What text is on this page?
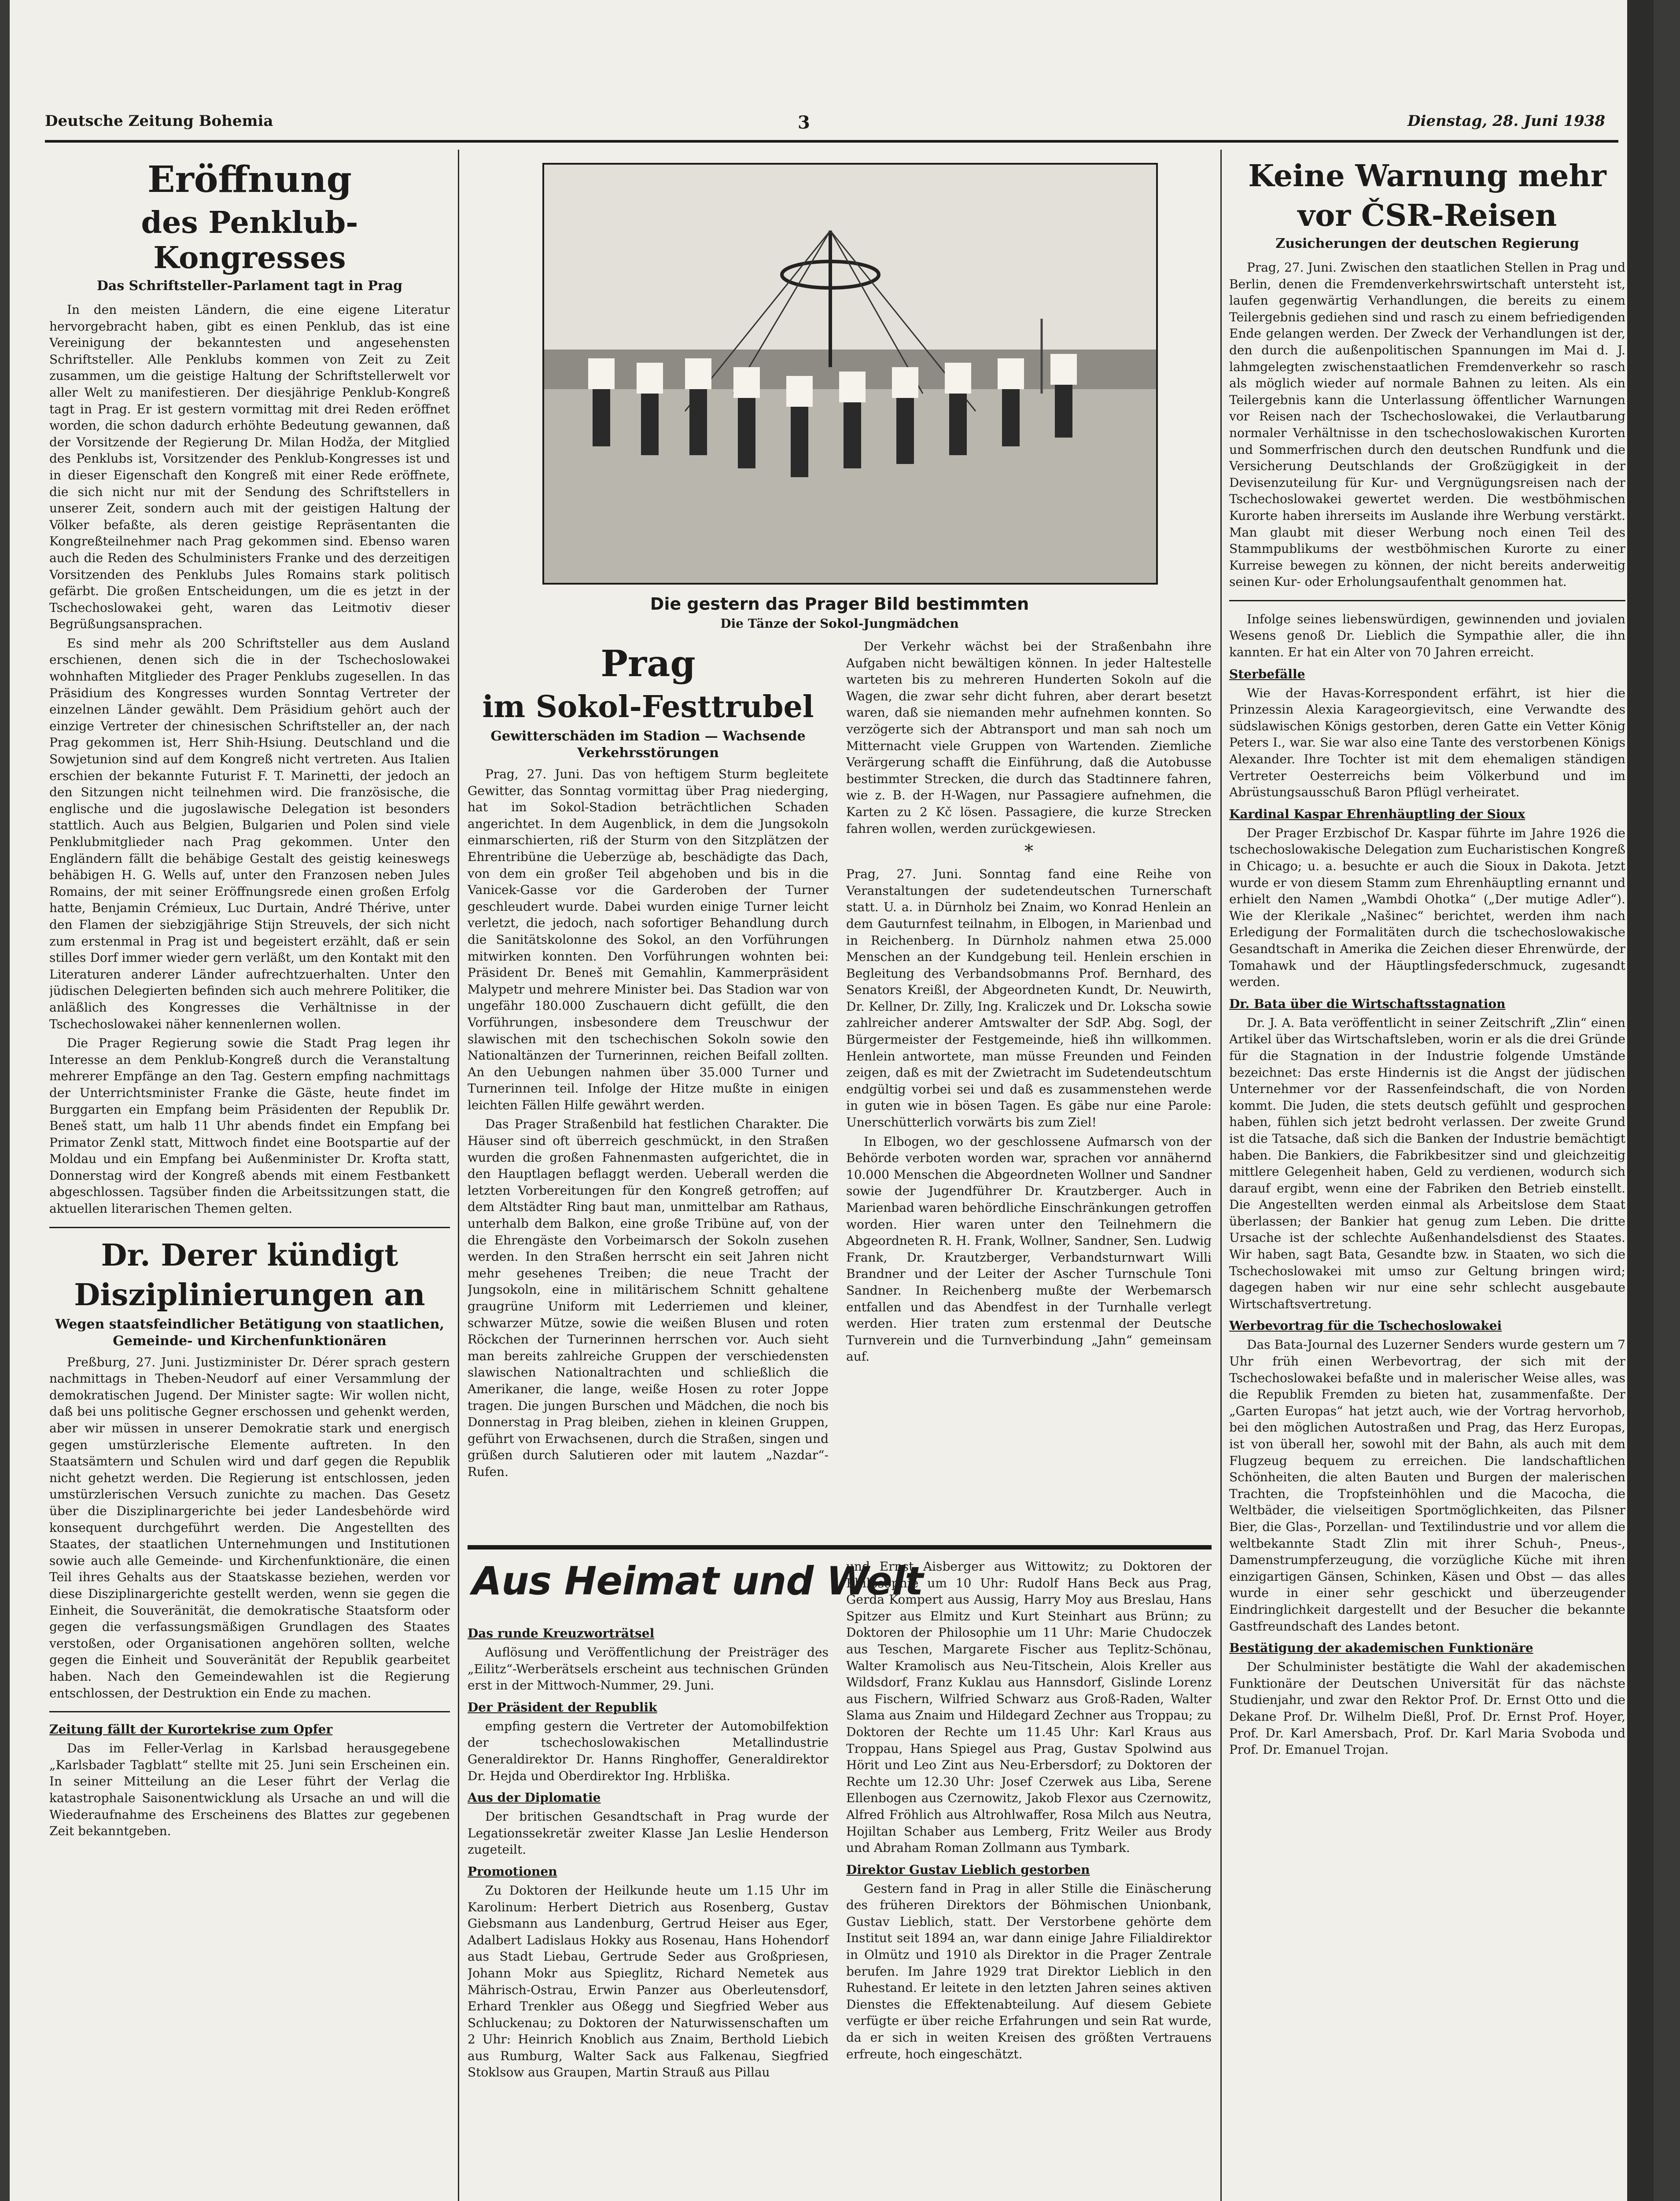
Deutsche Zeitung Bohemia	3	Dienstag, 28. Juni 1938
Eröffnung
des Penklub-Kongresses
Das Schriftsteller-Parlament tagt in Prag
In den meisten Ländern, die eine eigene Literatur hervorgebracht haben, gibt es einen Penklub, das ist eine Vereinigung der bekanntesten und angesehensten Schriftsteller. Alle Penklubs kommen von Zeit zu Zeit zusammen, um die geistige Haltung der Schriftstellerwelt vor aller Welt zu manifestieren. Der diesjährige Penklub-Kongreß tagt in Prag. Er ist gestern vormittag mit drei Reden eröffnet worden, die schon dadurch erhöhte Bedeutung gewannen, daß der Vorsitzende der Regierung Dr. Milan Hodža, der Mitglied des Penklubs ist, Vorsitzender des Penklub-Kongresses ist und in dieser Eigenschaft den Kongreß mit einer Rede eröffnete, die sich nicht nur mit der Sendung des Schriftstellers in unserer Zeit, sondern auch mit der geistigen Haltung der Völker befaßte, als deren geistige Repräsentanten die Kongreßteilnehmer nach Prag gekommen sind. Ebenso waren auch die Reden des Schulministers Franke und des derzeitigen Vorsitzenden des Penklubs Jules Romains stark politisch gefärbt. Die großen Entscheidungen, um die es jetzt in der Tschechoslowakei geht, waren das Leitmotiv dieser Begrüßungsansprachen.
Es sind mehr als 200 Schriftsteller aus dem Ausland erschienen, denen sich die in der Tschechoslowakei wohnhaften Mitglieder des Prager Penklubs zugesellen. In das Präsidium des Kongresses wurden Sonntag Vertreter der einzelnen Länder gewählt. Dem Präsidium gehört auch der einzige Vertreter der chinesischen Schriftsteller an, der nach Prag gekommen ist, Herr Shih-Hsiung. Deutschland und die Sowjetunion sind auf dem Kongreß nicht vertreten. Aus Italien erschien der bekannte Futurist F. T. Marinetti, der jedoch an den Sitzungen nicht teilnehmen wird. Die französische, die englische und die jugoslawische Delegation ist besonders stattlich. Auch aus Belgien, Bulgarien und Polen sind viele Penklubmitglieder nach Prag gekommen. Unter den Engländern fällt die behäbige Gestalt des geistig keineswegs behäbigen H. G. Wells auf, unter den Franzosen neben Jules Romains, der mit seiner Eröffnungsrede einen großen Erfolg hatte, Benjamin Crémieux, Luc Durtain, André Thérive, unter den Flamen der siebzigjährige Stijn Streuvels, der sich nicht zum erstenmal in Prag ist und begeistert erzählt, daß er sein stilles Dorf immer wieder gern verläßt, um den Kontakt mit den Literaturen anderer Länder aufrechtzuerhalten. Unter den jüdischen Delegierten befinden sich auch mehrere Politiker, die anläßlich des Kongresses die Verhältnisse in der Tschechoslowakei näher kennenlernen wollen.
Die Prager Regierung sowie die Stadt Prag legen ihr Interesse an dem Penklub-Kongreß durch die Veranstaltung mehrerer Empfänge an den Tag. Gestern empfing nachmittags der Unterrichtsminister Franke die Gäste, heute findet im Burggarten ein Empfang beim Präsidenten der Republik Dr. Beneš statt, um halb 11 Uhr abends findet ein Empfang bei Primator Zenkl statt, Mittwoch findet eine Bootspartie auf der Moldau und ein Empfang bei Außenminister Dr. Krofta statt, Donnerstag wird der Kongreß abends mit einem Festbankett abgeschlossen. Tagsüber finden die Arbeitssitzungen statt, die aktuellen literarischen Themen gelten.
Dr. Derer kündigt
Disziplinierungen an
Wegen staatsfeindlicher Betätigung von staatlichen, Gemeinde- und Kirchenfunktionären
Preßburg, 27. Juni. Justizminister Dr. Dérer sprach gestern nachmittags in Theben-Neudorf auf einer Versammlung der demokratischen Jugend. Der Minister sagte: Wir wollen nicht, daß bei uns politische Gegner erschossen und gehenkt werden, aber wir müssen in unserer Demokratie stark und energisch gegen umstürzlerische Elemente auftreten. In den Staatsämtern und Schulen wird und darf gegen die Republik nicht gehetzt werden. Die Regierung ist entschlossen, jeden umstürzlerischen Versuch zunichte zu machen. Das Gesetz über die Disziplinargerichte bei jeder Landesbehörde wird konsequent durchgeführt werden. Die Angestellten des Staates, der staatlichen Unternehmungen und Institutionen sowie auch alle Gemeinde- und Kirchenfunktionäre, die einen Teil ihres Gehalts aus der Staatskasse beziehen, werden vor diese Disziplinargerichte gestellt werden, wenn sie gegen die Einheit, die Souveränität, die demokratische Staatsform oder gegen die verfassungsmäßigen Grundlagen des Staates verstoßen, oder Organisationen angehören sollten, welche gegen die Einheit und Souveränität der Republik gearbeitet haben. Nach den Gemeindewahlen ist die Regierung entschlossen, der Destruktion ein Ende zu machen.
Zeitung fällt der Kurortekrise zum Opfer
Das im Feller-Verlag in Karlsbad herausgegebene „Karlsbader Tagblatt“ stellte mit 25. Juni sein Erscheinen ein. In seiner Mitteilung an die Leser führt der Verlag die katastrophale Saisonentwicklung als Ursache an und will die Wiederaufnahme des Erscheinens des Blattes zur gegebenen Zeit bekanntgeben.
Die gestern das Prager Bild bestimmten
Die Tänze der Sokol-Jungmädchen
Prag
im Sokol-Festtrubel
Gewitterschäden im Stadion — Wachsende Verkehrsstörungen
Prag, 27. Juni. Das von heftigem Sturm begleitete Gewitter, das Sonntag vormittag über Prag niederging, hat im Sokol-Stadion beträchtlichen Schaden angerichtet. In dem Augenblick, in dem die Jungsokoln einmarschierten, riß der Sturm von den Sitzplätzen der Ehrentribüne die Ueberzüge ab, beschädigte das Dach, von dem ein großer Teil abgehoben und bis in die Vanicek-Gasse vor die Garderoben der Turner geschleudert wurde. Dabei wurden einige Turner leicht verletzt, die jedoch, nach sofortiger Behandlung durch die Sanitätskolonne des Sokol, an den Vorführungen mitwirken konnten. Den Vorführungen wohnten bei: Präsident Dr. Beneš mit Gemahlin, Kammerpräsident Malypetr und mehrere Minister bei. Das Stadion war von ungefähr 180.000 Zuschauern dicht gefüllt, die den Vorführungen, insbesondere dem Treuschwur der slawischen mit den tschechischen Sokoln sowie den Nationaltänzen der Turnerinnen, reichen Beifall zollten. An den Uebungen nahmen über 35.000 Turner und Turnerinnen teil. Infolge der Hitze mußte in einigen leichten Fällen Hilfe gewährt werden.
Das Prager Straßenbild hat festlichen Charakter. Die Häuser sind oft überreich geschmückt, in den Straßen wurden die großen Fahnenmasten aufgerichtet, die in den Hauptlagen beflaggt werden. Ueberall werden die letzten Vorbereitungen für den Kongreß getroffen; auf dem Altstädter Ring baut man, unmittelbar am Rathaus, unterhalb dem Balkon, eine große Tribüne auf, von der die Ehrengäste den Vorbeimarsch der Sokoln zusehen werden. In den Straßen herrscht ein seit Jahren nicht mehr gesehenes Treiben; die neue Tracht der Jungsokoln, eine in militärischem Schnitt gehaltene graugrüne Uniform mit Lederriemen und kleiner, schwarzer Mütze, sowie die weißen Blusen und roten Röckchen der Turnerinnen herrschen vor. Auch sieht man bereits zahlreiche Gruppen der verschiedensten slawischen Nationaltrachten und schließlich die Amerikaner, die lange, weiße Hosen zu roter Joppe tragen. Die jungen Burschen und Mädchen, die noch bis Donnerstag in Prag bleiben, ziehen in kleinen Gruppen, geführt von Erwachsenen, durch die Straßen, singen und grüßen durch Salutieren oder mit lautem „Nazdar“-Rufen.
Der Verkehr wächst bei der Straßenbahn ihre Aufgaben nicht bewältigen können. In jeder Haltestelle warteten bis zu mehreren Hunderten Sokoln auf die Wagen, die zwar sehr dicht fuhren, aber derart besetzt waren, daß sie niemanden mehr aufnehmen konnten. So verzögerte sich der Abtransport und man sah noch um Mitternacht viele Gruppen von Wartenden. Ziemliche Verärgerung schafft die Einführung, daß die Autobusse bestimmter Strecken, die durch das Stadtinnere fahren, wie z. B. der H-Wagen, nur Passagiere aufnehmen, die Karten zu 2 Kč lösen. Passagiere, die kurze Strecken fahren wollen, werden zurückgewiesen.
*
Prag, 27. Juni. Sonntag fand eine Reihe von Veranstaltungen der sudetendeutschen Turnerschaft statt. U. a. in Dürnholz bei Znaim, wo Konrad Henlein an dem Gauturnfest teilnahm, in Elbogen, in Marienbad und in Reichenberg. In Dürnholz nahmen etwa 25.000 Menschen an der Kundgebung teil. Henlein erschien in Begleitung des Verbandsobmanns Prof. Bernhard, des Senators Kreißl, der Abgeordneten Kundt, Dr. Neuwirth, Dr. Kellner, Dr. Zilly, Ing. Kraliczek und Dr. Lokscha sowie zahlreicher anderer Amtswalter der SdP. Abg. Sogl, der Bürgermeister der Festgemeinde, hieß ihn willkommen. Henlein antwortete, man müsse Freunden und Feinden zeigen, daß es mit der Zwietracht im Sudetendeutschtum endgültig vorbei sei und daß es zusammenstehen werde in guten wie in bösen Tagen. Es gäbe nur eine Parole: Unerschütterlich vorwärts bis zum Ziel!
In Elbogen, wo der geschlossene Aufmarsch von der Behörde verboten worden war, sprachen vor annähernd 10.000 Menschen die Abgeordneten Wollner und Sandner sowie der Jugendführer Dr. Krautzberger. Auch in Marienbad waren behördliche Einschränkungen getroffen worden. Hier waren unter den Teilnehmern die Abgeordneten R. H. Frank, Wollner, Sandner, Sen. Ludwig Frank, Dr. Krautzberger, Verbandsturnwart Willi Brandner und der Leiter der Ascher Turnschule Toni Sandner. In Reichenberg mußte der Werbemarsch entfallen und das Abendfest in der Turnhalle verlegt werden. Hier traten zum erstenmal der Deutsche Turnverein und die Turnverbindung „Jahn“ gemeinsam auf.
Aus Heimat und Welt
Das runde Kreuzworträtsel
Auflösung und Veröffentlichung der Preisträger des „Eilitz“-Werberätsels erscheint aus technischen Gründen erst in der Mittwoch-Nummer, 29. Juni.
Der Präsident der Republik
empfing gestern die Vertreter der Automobilfektion der tschechoslowakischen Metallindustrie Generaldirektor Dr. Hanns Ringhoffer, Generaldirektor Dr. Hejda und Oberdirektor Ing. Hrbliška.
Aus der Diplomatie
Der britischen Gesandtschaft in Prag wurde der Legationssekretär zweiter Klasse Jan Leslie Henderson zugeteilt.
Promotionen
Zu Doktoren der Heilkunde heute um 1.15 Uhr im Karolinum: Herbert Dietrich aus Rosenberg, Gustav Giebsmann aus Landenburg, Gertrud Heiser aus Eger, Adalbert Ladislaus Hokky aus Rosenau, Hans Hohendorf aus Stadt Liebau, Gertrude Seder aus Großpriesen, Johann Mokr aus Spieglitz, Richard Nemetek aus Mährisch-Ostrau, Erwin Panzer aus Oberleutensdorf, Erhard Trenkler aus Oßegg und Siegfried Weber aus Schluckenau; zu Doktoren der Naturwissenschaften um 2 Uhr: Heinrich Knoblich aus Znaim, Berthold Liebich aus Rumburg, Walter Sack aus Falkenau, Siegfried Stoklsow aus Graupen, Martin Strauß aus Pillau
und Ernst Aisberger aus Wittowitz; zu Doktoren der Philosophie um 10 Uhr: Rudolf Hans Beck aus Prag, Gerda Kompert aus Aussig, Harry Moy aus Breslau, Hans Spitzer aus Elmitz und Kurt Steinhart aus Brünn; zu Doktoren der Philosophie um 11 Uhr: Marie Chudoczek aus Teschen, Margarete Fischer aus Teplitz-Schönau, Walter Kramolisch aus Neu-Titschein, Alois Kreller aus Wildsdorf, Franz Kuklau aus Hannsdorf, Gislinde Lorenz aus Fischern, Wilfried Schwarz aus Groß-Raden, Walter Slama aus Znaim und Hildegard Zechner aus Troppau; zu Doktoren der Rechte um 11.45 Uhr: Karl Kraus aus Troppau, Hans Spiegel aus Prag, Gustav Spolwind aus Hörit und Leo Zint aus Neu-Erbersdorf; zu Doktoren der Rechte um 12.30 Uhr: Josef Czerwek aus Liba, Serene Ellenbogen aus Czernowitz, Jakob Flexor aus Czernowitz, Alfred Fröhlich aus Altrohlwaffer, Rosa Milch aus Neutra, Hojiltan Schaber aus Lemberg, Fritz Weiler aus Brody und Abraham Roman Zollmann aus Tymbark.
Direktor Gustav Lieblich gestorben
Gestern fand in Prag in aller Stille die Einäscherung des früheren Direktors der Böhmischen Unionbank, Gustav Lieblich, statt. Der Verstorbene gehörte dem Institut seit 1894 an, war dann einige Jahre Filialdirektor in Olmütz und 1910 als Direktor in die Prager Zentrale berufen. Im Jahre 1929 trat Direktor Lieblich in den Ruhestand. Er leitete in den letzten Jahren seines aktiven Dienstes die Effektenabteilung. Auf diesem Gebiete verfügte er über reiche Erfahrungen und sein Rat wurde, da er sich in weiten Kreisen des größten Vertrauens erfreute, hoch eingeschätzt.
Keine Warnung mehr
vor ČSR-Reisen
Zusicherungen der deutschen Regierung
Prag, 27. Juni. Zwischen den staatlichen Stellen in Prag und Berlin, denen die Fremdenverkehrswirtschaft untersteht ist, laufen gegenwärtig Verhandlungen, die bereits zu einem Teilergebnis gediehen sind und rasch zu einem befriedigenden Ende gelangen werden. Der Zweck der Verhandlungen ist der, den durch die außenpolitischen Spannungen im Mai d. J. lahmgelegten zwischenstaatlichen Fremdenverkehr so rasch als möglich wieder auf normale Bahnen zu leiten. Als ein Teilergebnis kann die Unterlassung öffentlicher Warnungen vor Reisen nach der Tschechoslowakei, die Verlautbarung normaler Verhältnisse in den tschechoslowakischen Kurorten und Sommerfrischen durch den deutschen Rundfunk und die Versicherung Deutschlands der Großzügigkeit in der Devisenzuteilung für Kur- und Vergnügungsreisen nach der Tschechoslowakei gewertet werden. Die westböhmischen Kurorte haben ihrerseits im Auslande ihre Werbung verstärkt. Man glaubt mit dieser Werbung noch einen Teil des Stammpublikums der westböhmischen Kurorte zu einer Kurreise bewegen zu können, der nicht bereits anderweitig seinen Kur- oder Erholungsaufenthalt genommen hat.
Infolge seines liebenswürdigen, gewinnenden und jovialen Wesens genoß Dr. Lieblich die Sympathie aller, die ihn kannten. Er hat ein Alter von 70 Jahren erreicht.
Sterbefälle
Wie der Havas-Korrespondent erfährt, ist hier die Prinzessin Alexia Karageorgievitsch, eine Verwandte des südslawischen Königs gestorben, deren Gatte ein Vetter König Peters I., war. Sie war also eine Tante des verstorbenen Königs Alexander. Ihre Tochter ist mit dem ehemaligen ständigen Vertreter Oesterreichs beim Völkerbund und im Abrüstungsausschuß Baron Pflügl verheiratet.
Kardinal Kaspar Ehrenhäuptling der Sioux
Der Prager Erzbischof Dr. Kaspar führte im Jahre 1926 die tschechoslowakische Delegation zum Eucharistischen Kongreß in Chicago; u. a. besuchte er auch die Sioux in Dakota. Jetzt wurde er von diesem Stamm zum Ehrenhäuptling ernannt und erhielt den Namen „Wambdi Ohotka“ („Der mutige Adler“). Wie der Klerikale „Našinec“ berichtet, werden ihm nach Erledigung der Formalitäten durch die tschechoslowakische Gesandtschaft in Amerika die Zeichen dieser Ehrenwürde, der Tomahawk und der Häuptlingsfederschmuck, zugesandt werden.
Dr. Bata über die Wirtschaftsstagnation
Dr. J. A. Bata veröffentlicht in seiner Zeitschrift „Zlin“ einen Artikel über das Wirtschaftsleben, worin er als die drei Gründe für die Stagnation in der Industrie folgende Umstände bezeichnet: Das erste Hindernis ist die Angst der jüdischen Unternehmer vor der Rassenfeindschaft, die von Norden kommt. Die Juden, die stets deutsch gefühlt und gesprochen haben, fühlen sich jetzt bedroht verlassen. Der zweite Grund ist die Tatsache, daß sich die Banken der Industrie bemächtigt haben. Die Bankiers, die Fabrikbesitzer sind und gleichzeitig mittlere Gelegenheit haben, Geld zu verdienen, wodurch sich darauf ergibt, wenn eine der Fabriken den Betrieb einstellt. Die Angestellten werden einmal als Arbeitslose dem Staat überlassen; der Bankier hat genug zum Leben. Die dritte Ursache ist der schlechte Außenhandelsdienst des Staates. Wir haben, sagt Bata, Gesandte bzw. in Staaten, wo sich die Tschechoslowakei mit umso zur Geltung bringen wird; dagegen haben wir nur eine sehr schlecht ausgebaute Wirtschaftsvertretung.
Werbevortrag für die Tschechoslowakei
Das Bata-Journal des Luzerner Senders wurde gestern um 7 Uhr früh einen Werbevortrag, der sich mit der Tschechoslowakei befaßte und in malerischer Weise alles, was die Republik Fremden zu bieten hat, zusammenfaßte. Der „Garten Europas“ hat jetzt auch, wie der Vortrag hervorhob, bei den möglichen Autostraßen und Prag, das Herz Europas, ist von überall her, sowohl mit der Bahn, als auch mit dem Flugzeug bequem zu erreichen. Die landschaftlichen Schönheiten, die alten Bauten und Burgen der malerischen Trachten, die Tropfsteinhöhlen und die Macocha, die Weltbäder, die vielseitigen Sportmöglichkeiten, das Pilsner Bier, die Glas-, Porzellan- und Textilindustrie und vor allem die weltbekannte Stadt Zlin mit ihrer Schuh-, Pneus-, Damenstrumpferzeugung, die vorzügliche Küche mit ihren einzigartigen Gänsen, Schinken, Käsen und Obst — das alles wurde in einer sehr geschickt und überzeugender Eindringlichkeit dargestellt und der Besucher die bekannte Gastfreundschaft des Landes betont.
Bestätigung der akademischen Funktionäre
Der Schulminister bestätigte die Wahl der akademischen Funktionäre der Deutschen Universität für das nächste Studienjahr, und zwar den Rektor Prof. Dr. Ernst Otto und die Dekane Prof. Dr. Wilhelm Dießl, Prof. Dr. Ernst Prof. Hoyer, Prof. Dr. Karl Amersbach, Prof. Dr. Karl Maria Svoboda und Prof. Dr. Emanuel Trojan.
